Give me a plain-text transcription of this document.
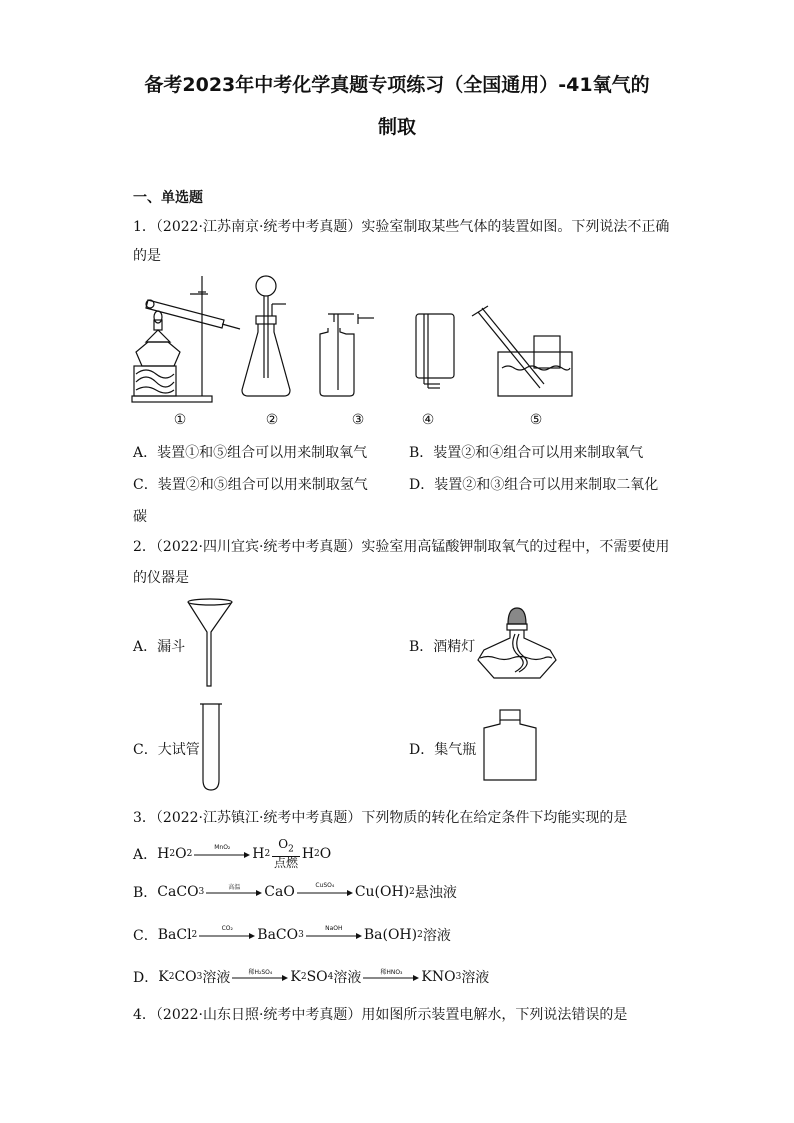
备考2023年中考化学真题专项练习（全国通用）-41氧气的
制取
一、单选题
1．（2022·江苏南京·统考中考真题）实验室制取某些气体的装置如图。下列说法不正确
的是
①	②	③	④	⑤
A．装置①和⑤组合可以用来制取氧气	B．装置②和④组合可以用来制取氧气
C．装置②和⑤组合可以用来制取氢气	D．装置②和③组合可以用来制取二氧化
碳
2．（2022·四川宜宾·统考中考真题）实验室用高锰酸钾制取氧气的过程中，不需要使用
的仪器是
A．漏斗	B．酒精灯
C．大试管	D．集气瓶
3．（2022·江苏镇江·统考中考真题）下列物质的转化在给定条件下均能实现的是
A． H 2 O 2
MnO₂	H $2 \frac{O_2}{\text{点燃}}$ H 2 O
B． CaCO 3	高温	CaO	CuSO₄	Cu(OH) 2 悬浊液
C． BaCl 2
CO₂	BaCO 3
NaOH	Ba(OH) 2 溶液
D． K 2 CO 3 溶液	稀H₂SO₄	K 2 SO 4 溶液	稀HNO₃	KNO 3 溶液
4．（2022·山东日照·统考中考真题）用如图所示装置电解水，下列说法错误的是
